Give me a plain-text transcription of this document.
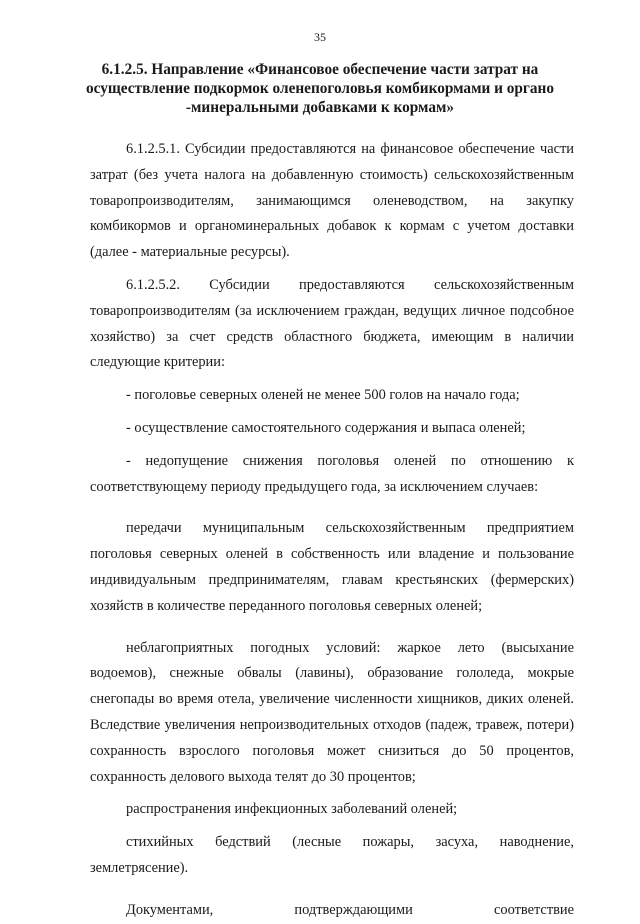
35
6.1.2.5. Направление «Финансовое обеспечение части затрат на осуществление подкормок оленепоголовья комбикормами и органо -минеральными добавками к кормам»

6.1.2.5.1. Субсидии предоставляются на финансовое обеспечение части затрат (без учета налога на добавленную стоимость) сельскохозяйственным товаропроизводителям, занимающимся оленеводством, на закупку комбикормов и органоминеральных добавок к кормам с учетом доставки (далее - материальные ресурсы).

6.1.2.5.2. Субсидии предоставляются сельскохозяйственным товаропроизводителям (за исключением граждан, ведущих личное подсобное хозяйство) за счет средств областного бюджета, имеющим в наличии следующие критерии:

- поголовье северных оленей не менее 500 голов на начало года;

- осуществление самостоятельного содержания и выпаса оленей;

- недопущение снижения поголовья оленей по отношению к соответствующему периоду предыдущего года, за исключением случаев:

передачи муниципальным сельскохозяйственным предприятием поголовья северных оленей в собственность или владение и пользование индивидуальным предпринимателям, главам крестьянских (фермерских) хозяйств в количестве переданного поголовья северных оленей;

неблагоприятных погодных условий: жаркое лето (высыхание водоемов), снежные обвалы (лавины), образование гололеда, мокрые снегопады во время отела, увеличение численности хищников, диких оленей. Вследствие увеличения непроизводительных отходов (падеж, травеж, потери) сохранность взрослого поголовья может снизиться до 50 процентов, сохранность делового выхода телят до 30 процентов;

распространения инфекционных заболеваний оленей;

стихийных бедствий (лесные пожары, засуха, наводнение, землетрясение).

Документами, подтверждающими соответствие
